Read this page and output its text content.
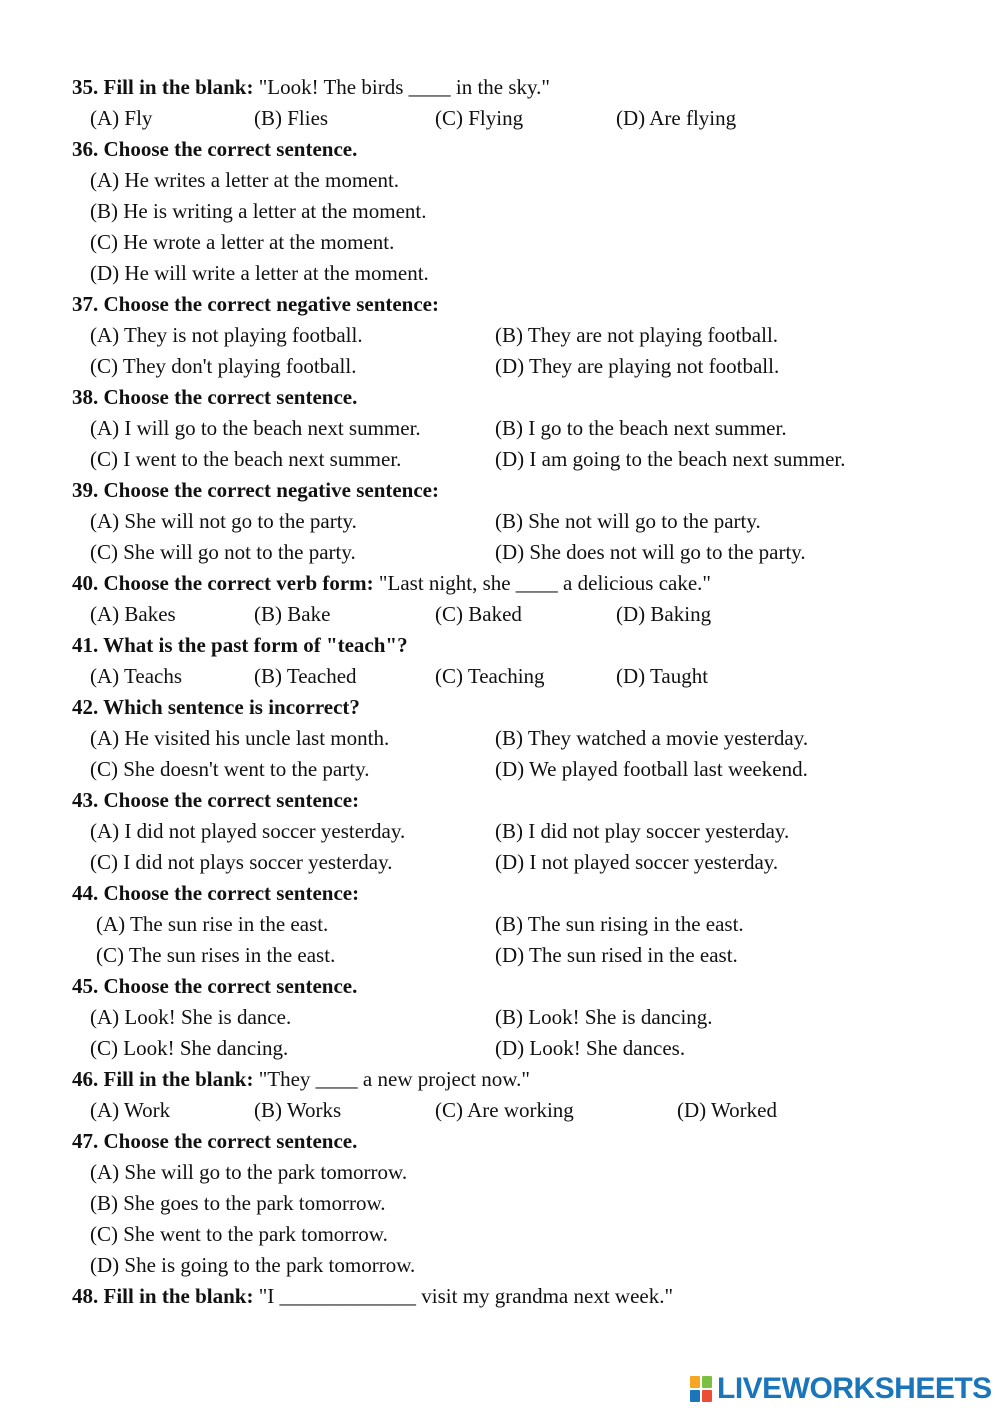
35. Fill in the blank: "Look! The birds ____ in the sky."
(A) Fly	(B) Flies	(C) Flying	(D) Are flying
36. Choose the correct sentence.
(A) He writes a letter at the moment.
(B) He is writing a letter at the moment.
(C) He wrote a letter at the moment.
(D) He will write a letter at the moment.
37. Choose the correct negative sentence:
(A) They is not playing football.	(B) They are not playing football.
(C) They don't playing football.	(D) They are playing not football.
38. Choose the correct sentence.
(A) I will go to the beach next summer.	(B) I go to the beach next summer.
(C) I went to the beach next summer.	(D) I am going to the beach next summer.
39. Choose the correct negative sentence:
(A) She will not go to the party.	(B) She not will go to the party.
(C) She will go not to the party.	(D) She does not will go to the party.
40. Choose the correct verb form: "Last night, she ____ a delicious cake."
(A) Bakes	(B) Bake	(C) Baked	(D) Baking
41. What is the past form of "teach"?
(A) Teachs	(B) Teached	(C) Teaching	(D) Taught
42. Which sentence is incorrect?
(A) He visited his uncle last month.	(B) They watched a movie yesterday.
(C) She doesn't went to the party.	(D) We played football last weekend.
43. Choose the correct sentence:
(A) I did not played soccer yesterday.	(B) I did not play soccer yesterday.
(C) I did not plays soccer yesterday.	(D) I not played soccer yesterday.
44. Choose the correct sentence:
(A) The sun rise in the east.	(B) The sun rising in the east.
(C) The sun rises in the east.	(D) The sun rised in the east.
45. Choose the correct sentence.
(A) Look! She is dance.	(B) Look! She is dancing.
(C) Look! She dancing.	(D) Look! She dances.
46. Fill in the blank: "They ____ a new project now."
(A) Work	(B) Works	(C) Are working	(D) Worked
47. Choose the correct sentence.
(A) She will go to the park tomorrow.
(B) She goes to the park tomorrow.
(C) She went to the park tomorrow.
(D) She is going to the park tomorrow.
48. Fill in the blank: "I _____________ visit my grandma next week."
LIVEWORKSHEETS
